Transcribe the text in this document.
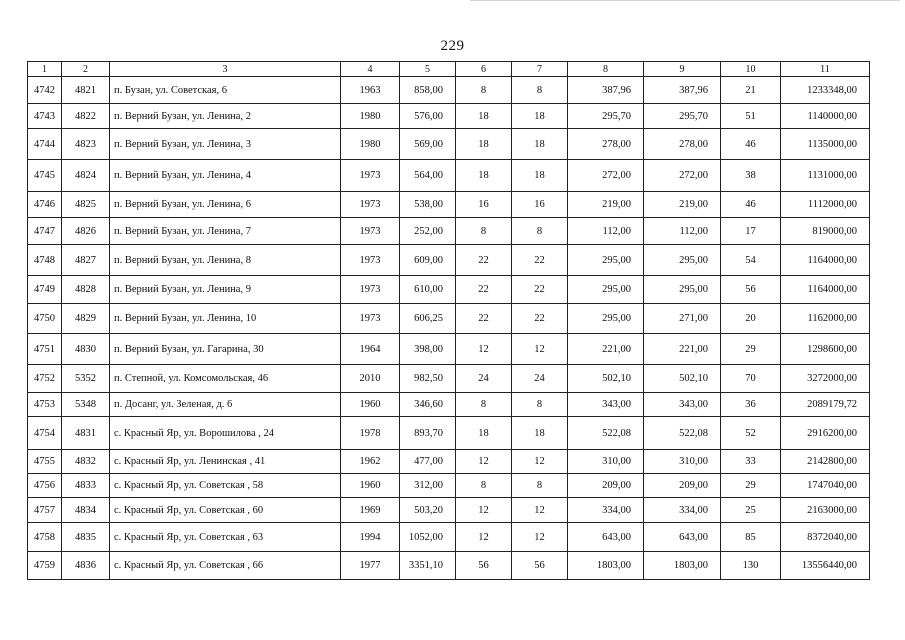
229
1	2	3	4	5	6	7	8	9	10	11
4742	4821	п. Бузан, ул. Советская, 6	1963	858,00	8	8	387,96	387,96	21	1233348,00
4743	4822	п. Верний Бузан, ул. Ленина, 2	1980	576,00	18	18	295,70	295,70	51	1140000,00
4744	4823	п. Верний Бузан, ул. Ленина, 3	1980	569,00	18	18	278,00	278,00	46	1135000,00
4745	4824	п. Верний Бузан, ул. Ленина, 4	1973	564,00	18	18	272,00	272,00	38	1131000,00
4746	4825	п. Верний Бузан, ул. Ленина, 6	1973	538,00	16	16	219,00	219,00	46	1112000,00
4747	4826	п. Верний Бузан, ул. Ленина, 7	1973	252,00	8	8	112,00	112,00	17	819000,00
4748	4827	п. Верний Бузан, ул. Ленина, 8	1973	609,00	22	22	295,00	295,00	54	1164000,00
4749	4828	п. Верний Бузан, ул. Ленина, 9	1973	610,00	22	22	295,00	295,00	56	1164000,00
4750	4829	п. Верний Бузан, ул. Ленина, 10	1973	606,25	22	22	295,00	271,00	20	1162000,00
4751	4830	п. Верний Бузан, ул. Гагарина, 30	1964	398,00	12	12	221,00	221,00	29	1298600,00
4752	5352	п. Степной, ул. Комсомольская, 46	2010	982,50	24	24	502,10	502,10	70	3272000,00
4753	5348	п. Досанг, ул. Зеленая, д. 6	1960	346,60	8	8	343,00	343,00	36	2089179,72
4754	4831	с. Красный Яр, ул. Ворошилова , 24	1978	893,70	18	18	522,08	522,08	52	2916200,00
4755	4832	с. Красный Яр, ул. Ленинская , 41	1962	477,00	12	12	310,00	310,00	33	2142800,00
4756	4833	с. Красный Яр, ул. Советская , 58	1960	312,00	8	8	209,00	209,00	29	1747040,00
4757	4834	с. Красный Яр, ул. Советская , 60	1969	503,20	12	12	334,00	334,00	25	2163000,00
4758	4835	с. Красный Яр, ул. Советская , 63	1994	1052,00	12	12	643,00	643,00	85	8372040,00
4759	4836	с. Красный Яр, ул. Советская , 66	1977	3351,10	56	56	1803,00	1803,00	130	13556440,00
